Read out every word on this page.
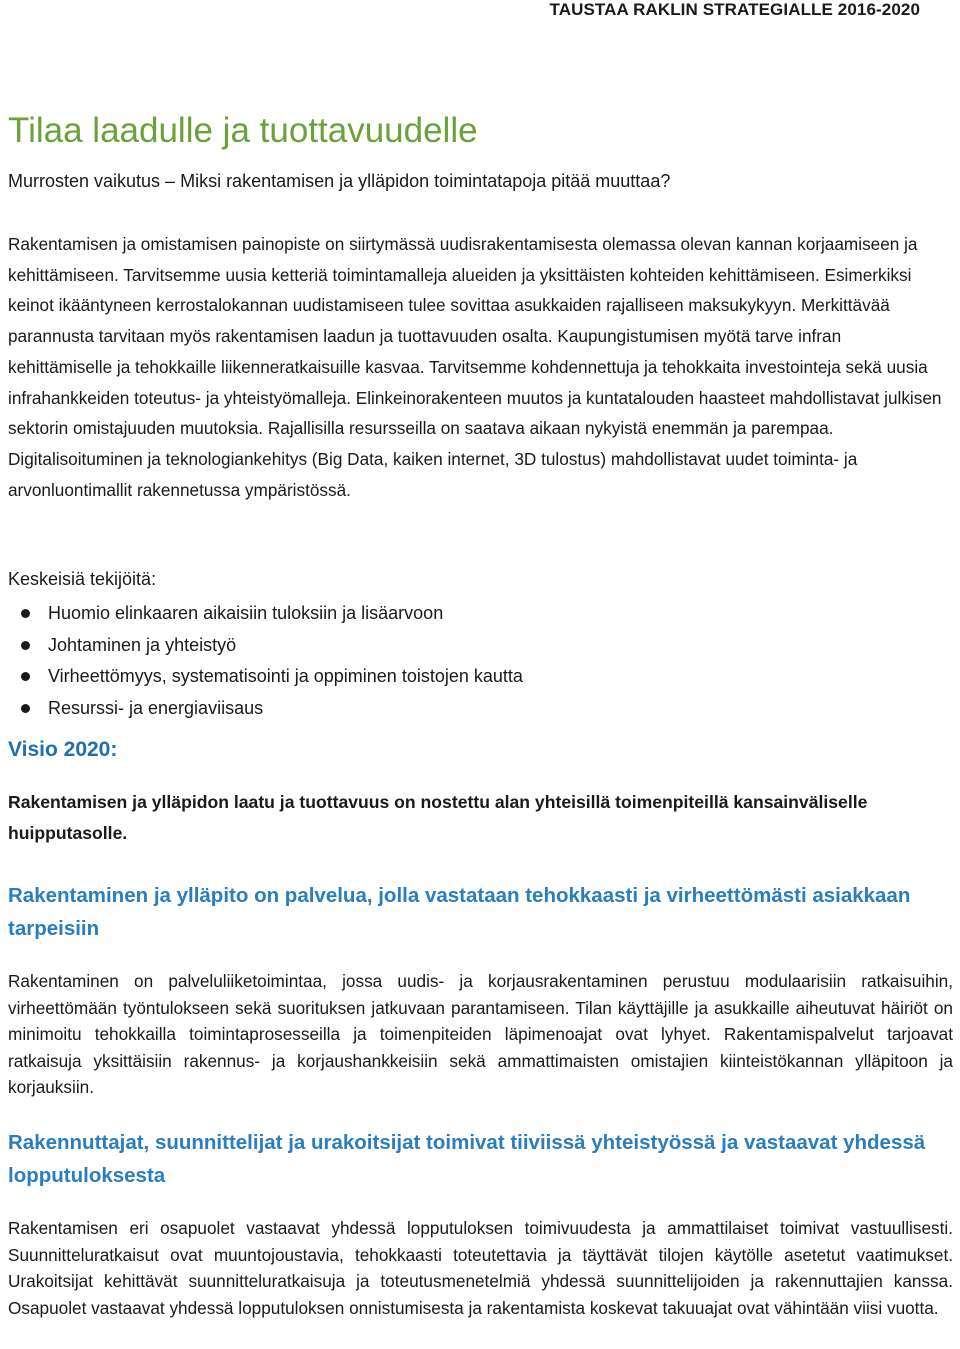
TAUSTAA RAKLIN STRATEGIALLE 2016-2020
Tilaa laadulle ja tuottavuudelle

Murrosten vaikutus – Miksi rakentamisen ja ylläpidon toimintatapoja pitää muuttaa?

Rakentamisen ja omistamisen painopiste on siirtymässä uudisrakentamisesta olemassa olevan kannan korjaamiseen ja kehittämiseen. Tarvitsemme uusia ketteriä toimintamalleja alueiden ja yksittäisten kohteiden kehittämiseen. Esimerkiksi keinot ikääntyneen kerrostalokannan uudistamiseen tulee sovittaa asukkaiden rajalliseen maksukykyyn. Merkittävää parannusta tarvitaan myös rakentamisen laadun ja tuottavuuden osalta. Kaupungistumisen myötä tarve infran kehittämiselle ja tehokkaille liikenneratkaisuille kasvaa. Tarvitsemme kohdennettuja ja tehokkaita investointeja sekä uusia infrahankkeiden toteutus- ja yhteistyömalleja. Elinkeinorakenteen muutos ja kuntatalouden haasteet mahdollistavat julkisen sektorin omistajuuden muutoksia. Rajallisilla resursseilla on saatava aikaan nykyistä enemmän ja parempaa. Digitalisoituminen ja teknologiankehitys (Big Data, kaiken internet, 3D tulostus) mahdollistavat uudet toiminta- ja arvonluontimallit rakennetussa ympäristössä.

Keskeisiä tekijöitä:

Huomio elinkaaren aikaisiin tuloksiin ja lisäarvoon
Johtaminen ja yhteistyö
Virheettömyys, systematisointi ja oppiminen toistojen kautta
Resurssi- ja energiaviisaus
Visio 2020:

Rakentamisen ja ylläpidon laatu ja tuottavuus on nostettu alan yhteisillä toimenpiteillä kansainväliselle huipputasolle.

Rakentaminen ja ylläpito on palvelua, jolla vastataan tehokkaasti ja virheettömästi asiakkaan tarpeisiin

Rakentaminen on palveluliiketoimintaa, jossa uudis- ja korjausrakentaminen perustuu modulaarisiin ratkaisuihin, virheettömään työntulokseen sekä suorituksen jatkuvaan parantamiseen. Tilan käyttäjille ja asukkaille aiheutuvat häiriöt on minimoitu tehokkailla toimintaprosesseilla ja toimenpiteiden läpimenoajat ovat lyhyet. Rakentamispalvelut tarjoavat ratkaisuja yksittäisiin rakennus- ja korjaushankkeisiin sekä ammattimaisten omistajien kiinteistökannan ylläpitoon ja korjauksiin.

Rakennuttajat, suunnittelijat ja urakoitsijat toimivat tiiviissä yhteistyössä ja vastaavat yhdessä lopputuloksesta

Rakentamisen eri osapuolet vastaavat yhdessä lopputuloksen toimivuudesta ja ammattilaiset toimivat vastuullisesti. Suunnitteluratkaisut ovat muuntojoustavia, tehokkaasti toteutettavia ja täyttävät tilojen käytölle asetetut vaatimukset. Urakoitsijat kehittävät suunnitteluratkaisuja ja toteutusmenetelmiä yhdessä suunnittelijoiden ja rakennuttajien kanssa. Osapuolet vastaavat yhdessä lopputuloksen onnistumisesta ja rakentamista koskevat takuuajat ovat vähintään viisi vuotta.
